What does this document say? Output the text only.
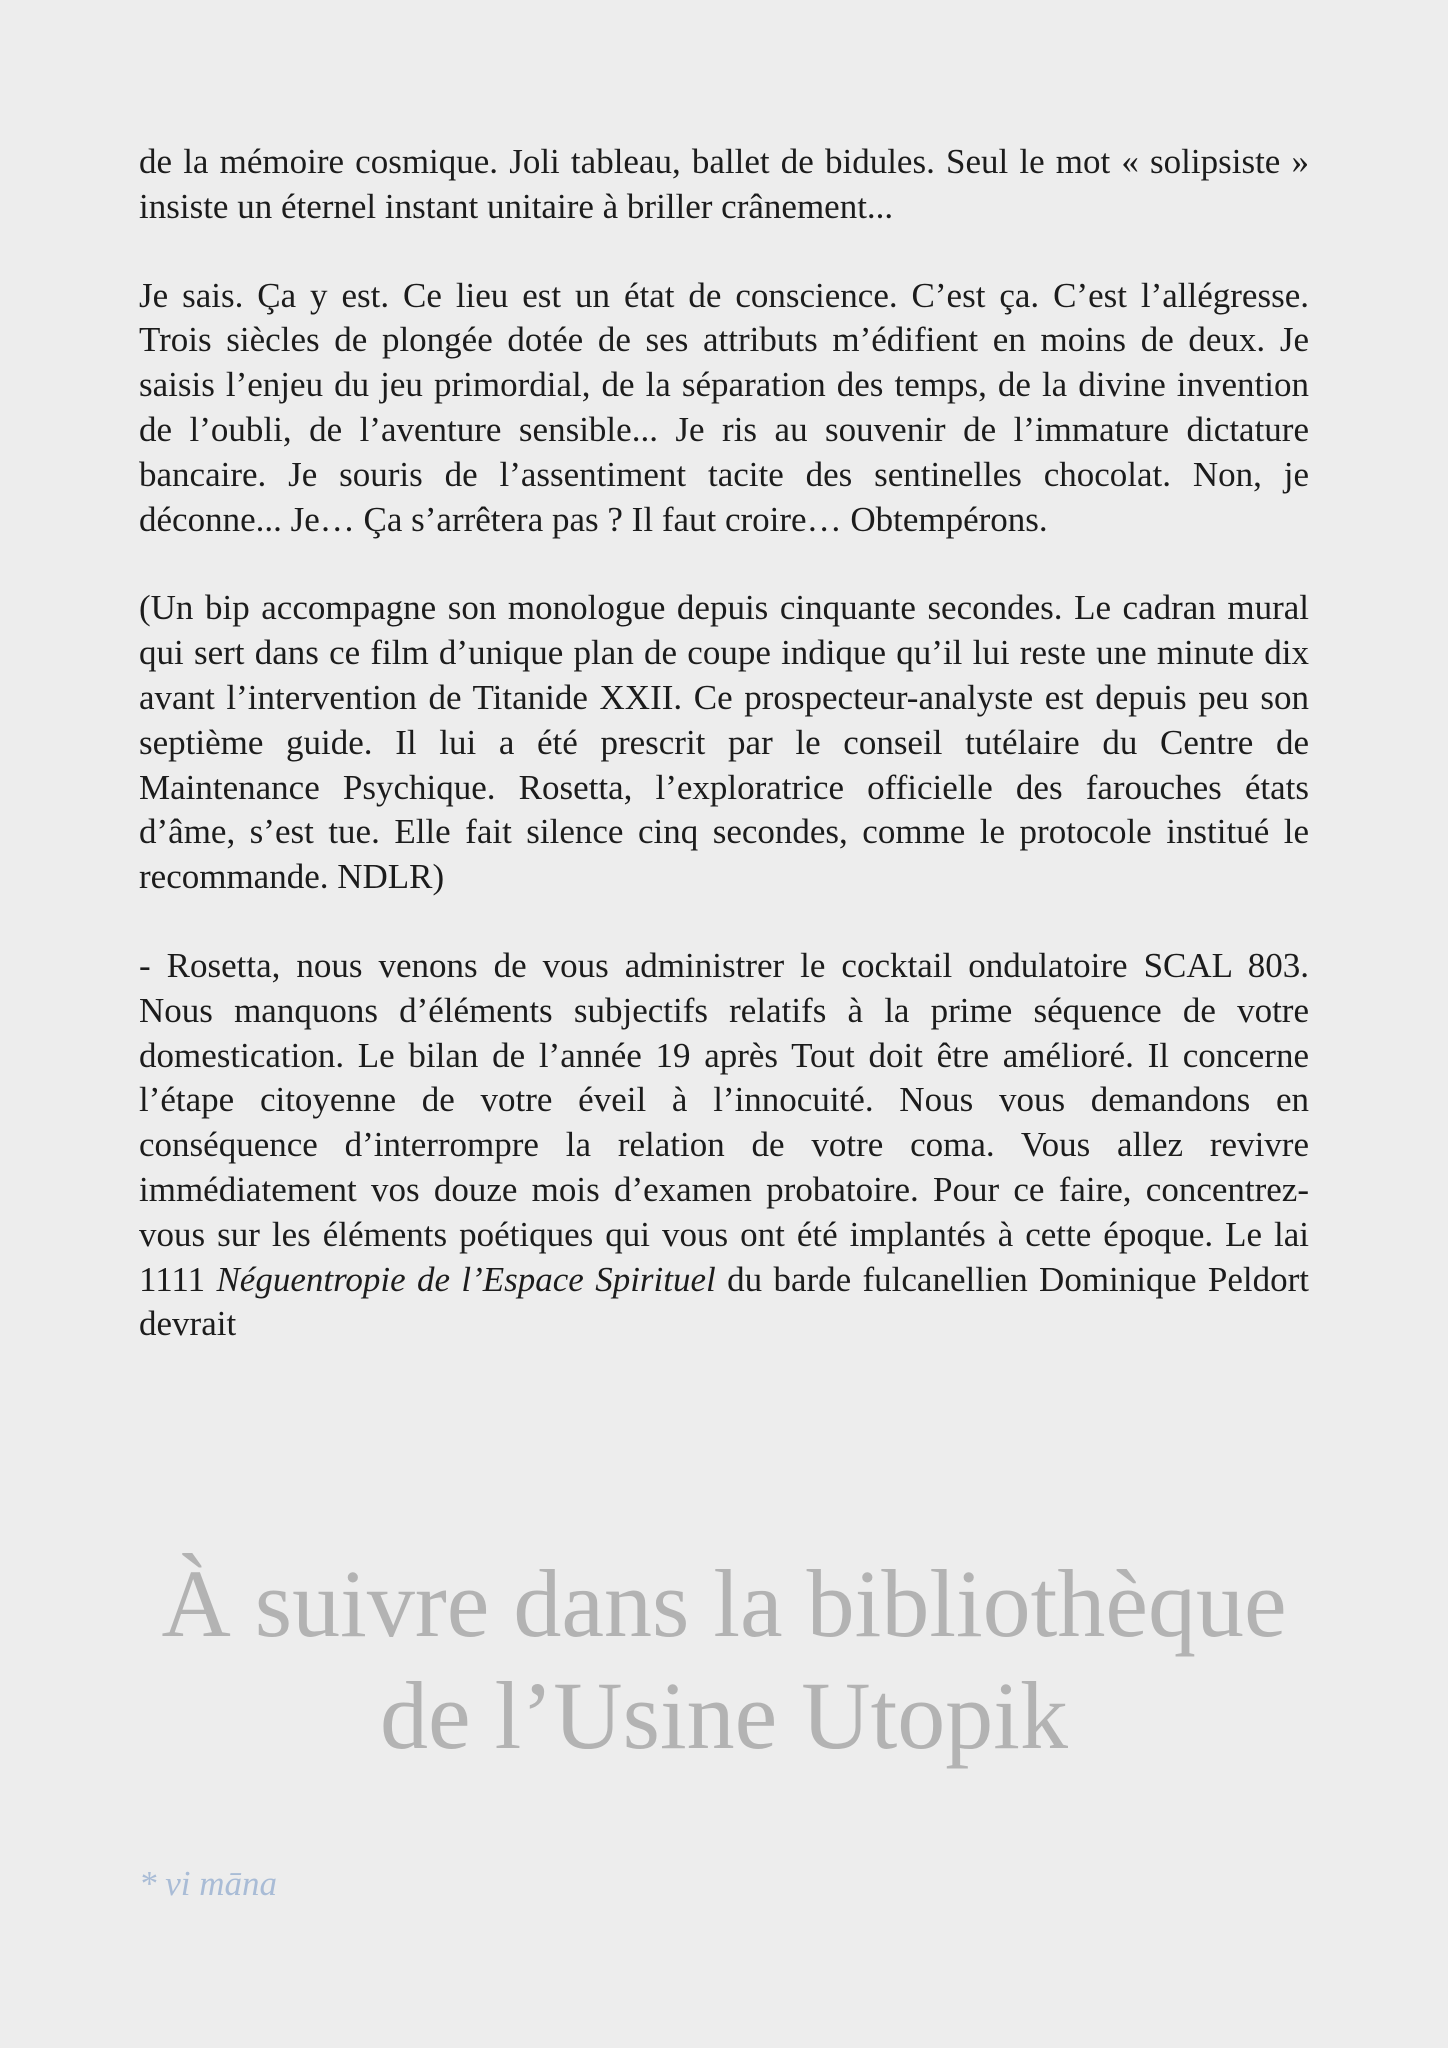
de la mémoire cosmique. Joli tableau, ballet de bidules. Seul le mot « solipsiste » insiste un éternel instant unitaire à briller crânement...

Je sais. Ça y est. Ce lieu est un état de conscience. C’est ça. C’est l’allégresse. Trois siècles de plongée dotée de ses attributs m’édifient en moins de deux. Je saisis l’enjeu du jeu primordial, de la séparation des temps, de la divine invention de l’oubli, de l’aventure sensible... Je ris au souvenir de l’immature dictature bancaire. Je souris de l’assentiment tacite des sentinelles chocolat. Non, je déconne... Je… Ça s’arrêtera pas ? Il faut croire… Obtempérons.

(Un bip accompagne son monologue depuis cinquante secondes. Le cadran mural qui sert dans ce film d’unique plan de coupe indique qu’il lui reste une minute dix avant l’intervention de Titanide XXII. Ce prospecteur-analyste est depuis peu son septième guide. Il lui a été prescrit par le conseil tutélaire du Centre de Maintenance Psychique. Rosetta, l’exploratrice officielle des farouches états d’âme, s’est tue. Elle fait silence cinq secondes, comme le protocole institué le recommande. NDLR)

- Rosetta, nous venons de vous administrer le cocktail ondulatoire SCAL 803. Nous manquons d’éléments subjectifs relatifs à la prime séquence de votre domestication. Le bilan de l’année 19 après Tout doit être amélioré. Il concerne l’étape citoyenne de votre éveil à l’innocuité. Nous vous demandons en conséquence d’interrompre la relation de votre coma. Vous allez revivre immédiatement vos douze mois d’examen probatoire. Pour ce faire, concentrez-vous sur les éléments poétiques qui vous ont été implantés à cette époque. Le lai 1111 Néguentropie de l’Espace Spirituel du barde fulcanellien Dominique Peldort devrait

À suivre dans la bibliothèque
de l’Usine Utopik
* vi māna
